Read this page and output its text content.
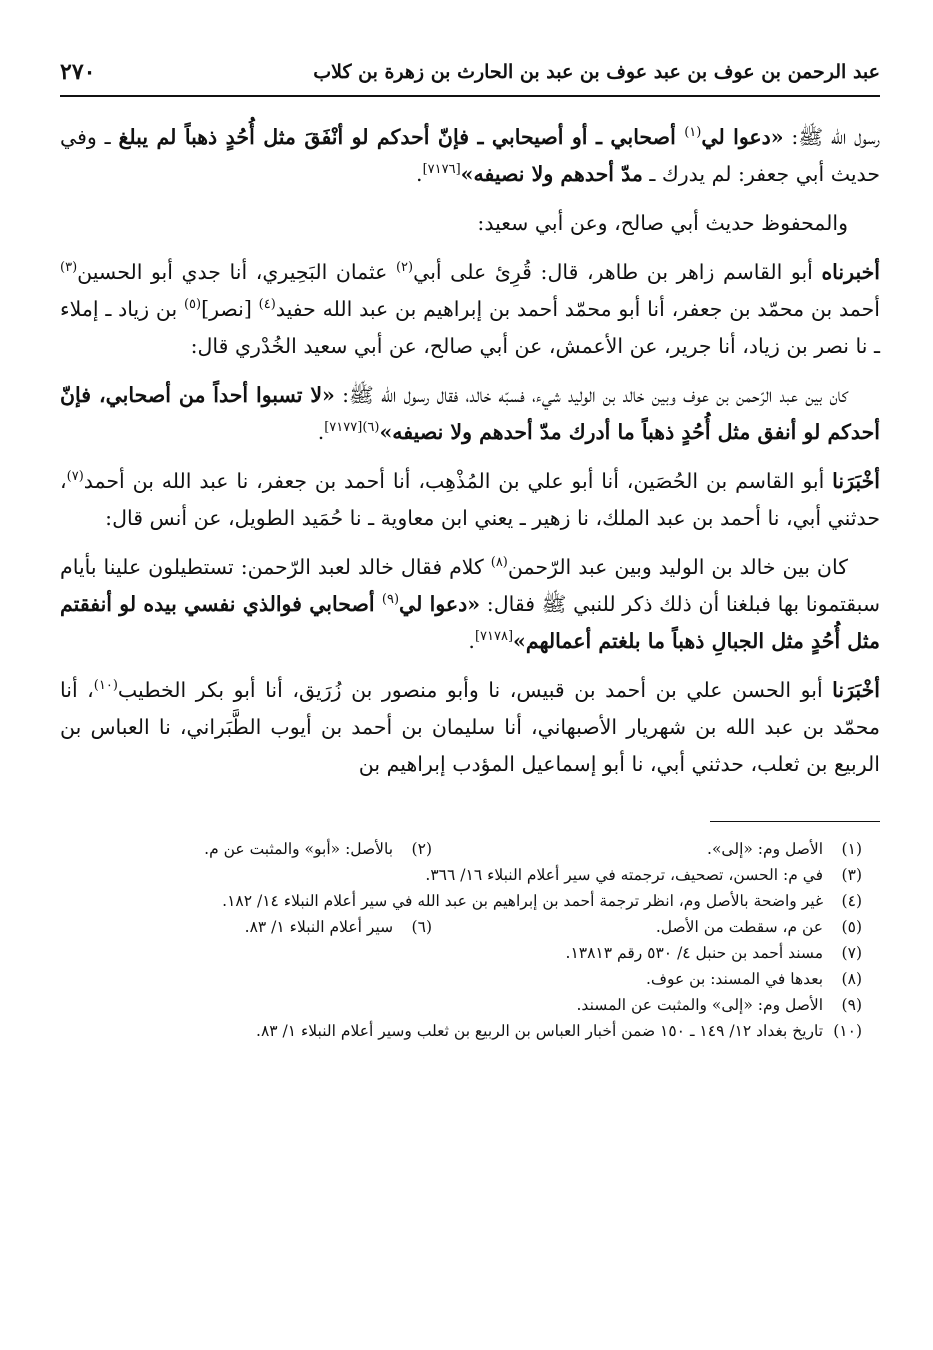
عبد الرحمن بن عوف بن عبد عوف بن عبد بن الحارث بن زهرة بن كلاب
٢٧٠

رسول الله ﷺ: «دعوا لي$^{(١)}$ أصحابي ـ أو أصيحابي ـ فإنّ أحدكم لو أنْفَقَ مثل أُحُدٍ ذهباً لم يبلغ ـ وفي حديث أبي جعفر: لم يدرك ـ مدّ أحدهم ولا نصيفه»[٧١٧٦].

والمحفوظ حديث أبي صالح، وعن أبي سعيد:

أخبرناه أبو القاسم زاهر بن طاهر، قال: قُرِئ على أبي$^{(٢)}$ عثمان البَحِيري، أنا جدي أبو الحسين$^{(٣)}$ أحمد بن محمّد بن جعفر، أنا أبو محمّد أحمد بن إبراهيم بن عبد الله حفيد$^{(٤)}$ [نصر]$^{(٥)}$ بن زياد ـ إملاء ـ نا نصر بن زياد، أنا جرير، عن الأعمش، عن أبي صالح، عن أبي سعيد الخُدْري قال:

كان بين عبد الرّحمن بن عوف وبين خالد بن الوليد شيء، فسبّه خالد، فقال رسول الله ﷺ: «لا تسبوا أحداً من أصحابي، فإنّ أحدكم لو أنفق مثل أُحُدٍ ذهباً ما أدرك مدّ أحدهم ولا نصيفه»$^{(٦)[٧١٧٧]}$.

أخْبَرَنا أبو القاسم بن الحُصَين، أنا أبو علي بن المُذْهِب، أنا أحمد بن جعفر، نا عبد الله بن أحمد$^{(٧)}$، حدثني أبي، نا أحمد بن عبد الملك، نا زهير ـ يعني ابن معاوية ـ نا حُمَيد الطويل، عن أنس قال:

كان بين خالد بن الوليد وبين عبد الرّحمن$^{(٨)}$ كلام فقال خالد لعبد الرّحمن: تستطيلون علينا بأيام سبقتمونا بها فبلغنا أن ذلك ذكر للنبي ﷺ فقال: «دعوا لي$^{(٩)}$ أصحابي فوالذي نفسي بيده لو أنفقتم مثل أُحُدٍ مثل الجبالِ ذهباً ما بلغتم أعمالهم»[٧١٧٨].

أخْبَرَنا أبو الحسن علي بن أحمد بن قبيس، نا وأبو منصور بن زُرَيق، أنا أبو بكر الخطيب$^{(١٠)}$، أنا محمّد بن عبد الله بن شهريار الأصبهاني، أنا سليمان بن أحمد بن أيوب الطَّبَراني، نا العباس بن الربيع بن ثعلب، حدثني أبي، نا أبو إسماعيل المؤدب إبراهيم بن

(١) الأصل وم: «إلى».
(٢) بالأصل: «أبو» والمثبت عن م.
(٣) في م: الحسن، تصحيف، ترجمته في سير أعلام النبلاء ١٦/ ٣٦٦.
(٤) غير واضحة بالأصل وم، انظر ترجمة أحمد بن إبراهيم بن عبد الله في سير أعلام النبلاء ١٤/ ١٨٢.
(٥) عن م، سقطت من الأصل.
(٦) سير أعلام النبلاء ١/ ٨٣.
(٧) مسند أحمد بن حنبل ٤/ ٥٣٠ رقم ١٣٨١٣.
(٨) بعدها في المسند: بن عوف.
(٩) الأصل وم: «إلى» والمثبت عن المسند.
(١٠) تاريخ بغداد ١٢/ ١٤٩ ـ ١٥٠ ضمن أخبار العباس بن الربيع بن ثعلب وسير أعلام النبلاء ١/ ٨٣.
